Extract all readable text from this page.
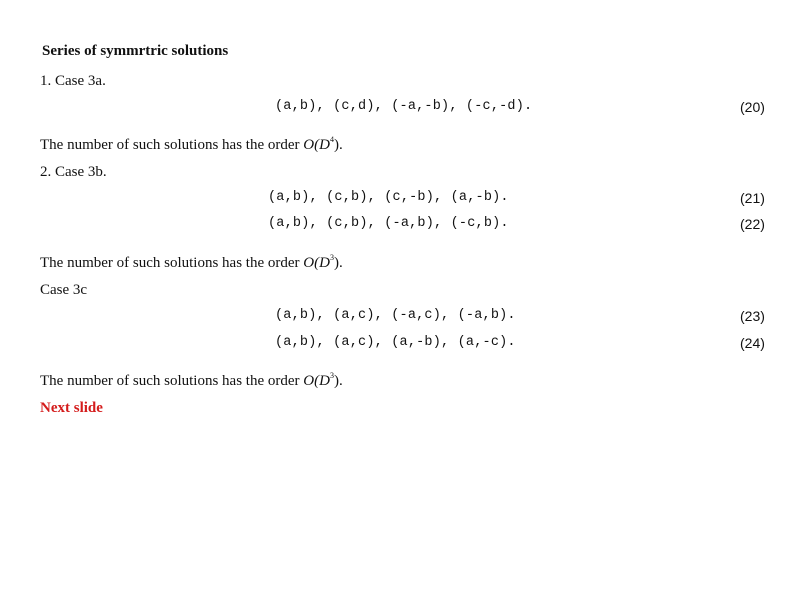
Series of symmrtric solutions
1. Case 3a.
(a,b), (c,d), (-a,-b), (-c,-d).	(20)
The number of such solutions has the order $O(D^4)$.
2. Case 3b.
(a,b), (c,b), (c,-b), (a,-b).	(21)
(a,b), (c,b), (-a,b), (-c,b).	(22)
The number of such solutions has the order $O(D^3)$.
Case 3c
(a,b), (a,c), (-a,c), (-a,b).	(23)
(a,b), (a,c), (a,-b), (a,-c).	(24)
The number of such solutions has the order $O(D^3)$.
Next slide
